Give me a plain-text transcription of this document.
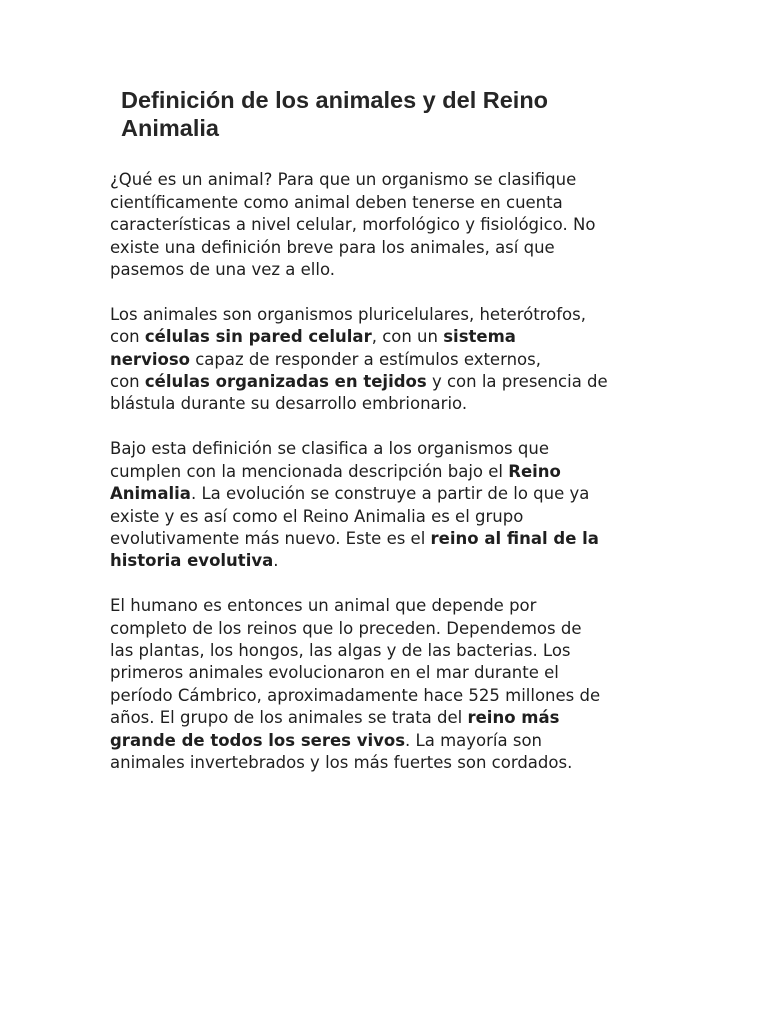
Definición de los animales y del Reino
Animalia

¿Qué es un animal? Para que un organismo se clasifique
científicamente como animal deben tenerse en cuenta
características a nivel celular, morfológico y fisiológico. No
existe una definición breve para los animales, así que
pasemos de una vez a ello.

Los animales son organismos pluricelulares, heterótrofos,
con células sin pared celular, con un sistema
nervioso capaz de responder a estímulos externos,
con células organizadas en tejidos y con la presencia de
blástula durante su desarrollo embrionario.

Bajo esta definición se clasifica a los organismos que
cumplen con la mencionada descripción bajo el Reino
Animalia. La evolución se construye a partir de lo que ya
existe y es así como el Reino Animalia es el grupo
evolutivamente más nuevo. Este es el reino al final de la
historia evolutiva.

El humano es entonces un animal que depende por
completo de los reinos que lo preceden. Dependemos de
las plantas, los hongos, las algas y de las bacterias. Los
primeros animales evolucionaron en el mar durante el
período Cámbrico, aproximadamente hace 525 millones de
años. El grupo de los animales se trata del reino más
grande de todos los seres vivos. La mayoría son
animales invertebrados y los más fuertes son cordados.
